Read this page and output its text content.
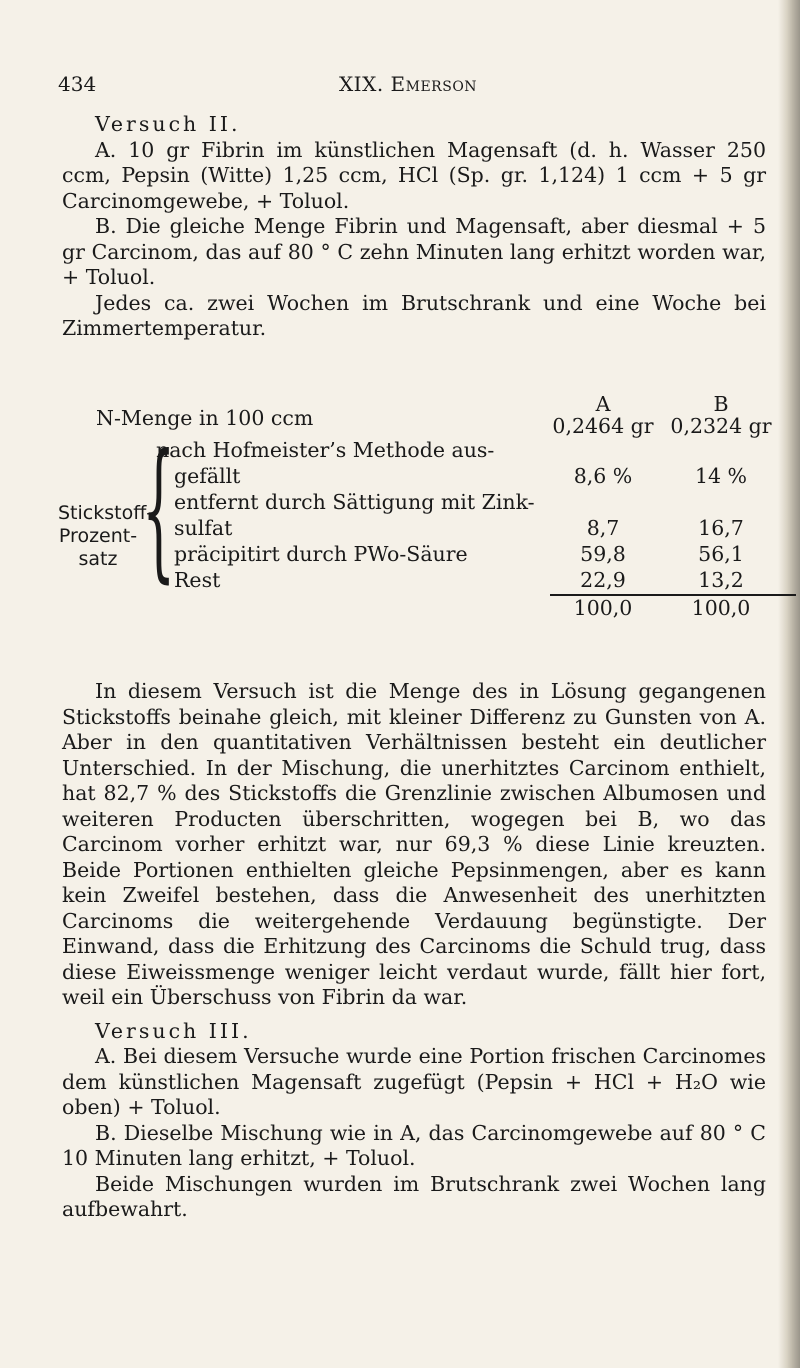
434	XIX. Emerson

Versuch II.

A. 10 gr Fibrin im künstlichen Magensaft (d. h. Wasser 250 ccm, Pepsin (Witte) 1,25 ccm, HCl (Sp. gr. 1,124) 1 ccm + 5 gr Carcinomgewebe, + Toluol.

B. Die gleiche Menge Fibrin und Magensaft, aber diesmal + 5 gr Carcinom, das auf 80 ° C zehn Minuten lang erhitzt worden war, + Toluol.

Jedes ca. zwei Wochen im Brutschrank und eine Woche bei Zimmertemperatur.

A	B
N-Menge in 100 ccm	0,2464 gr 0,2324 gr
Stickstoff-
Prozent-
satz {
nach Hofmeister’s Methode aus-
gefällt	8,6 %	14 %
entfernt durch Sättigung mit Zink-
sulfat	8,7	16,7
präcipitirt durch PWo-Säure	59,8	56,1
Rest	22,9	13,2
100,0	100,0

In diesem Versuch ist die Menge des in Lösung gegangenen Stickstoffs beinahe gleich, mit kleiner Differenz zu Gunsten von A. Aber in den quantitativen Verhältnissen besteht ein deutlicher Unterschied. In der Mischung, die unerhitztes Carcinom enthielt, hat 82,7 % des Stickstoffs die Grenzlinie zwischen Albumosen und weiteren Producten überschritten, wogegen bei B, wo das Carcinom vorher erhitzt war, nur 69,3 % diese Linie kreuzten. Beide Portionen enthielten gleiche Pepsinmengen, aber es kann kein Zweifel bestehen, dass die Anwesenheit des unerhitzten Carcinoms die weitergehende Verdauung begünstigte. Der Einwand, dass die Erhitzung des Carcinoms die Schuld trug, dass diese Eiweissmenge weniger leicht verdaut wurde, fällt hier fort, weil ein Überschuss von Fibrin da war.

Versuch III.

A. Bei diesem Versuche wurde eine Portion frischen Carcinomes dem künstlichen Magensaft zugefügt (Pepsin + HCl + H₂O wie oben) + Toluol.

B. Dieselbe Mischung wie in A, das Carcinomgewebe auf 80 ° C 10 Minuten lang erhitzt, + Toluol.

Beide Mischungen wurden im Brutschrank zwei Wochen lang aufbewahrt.
